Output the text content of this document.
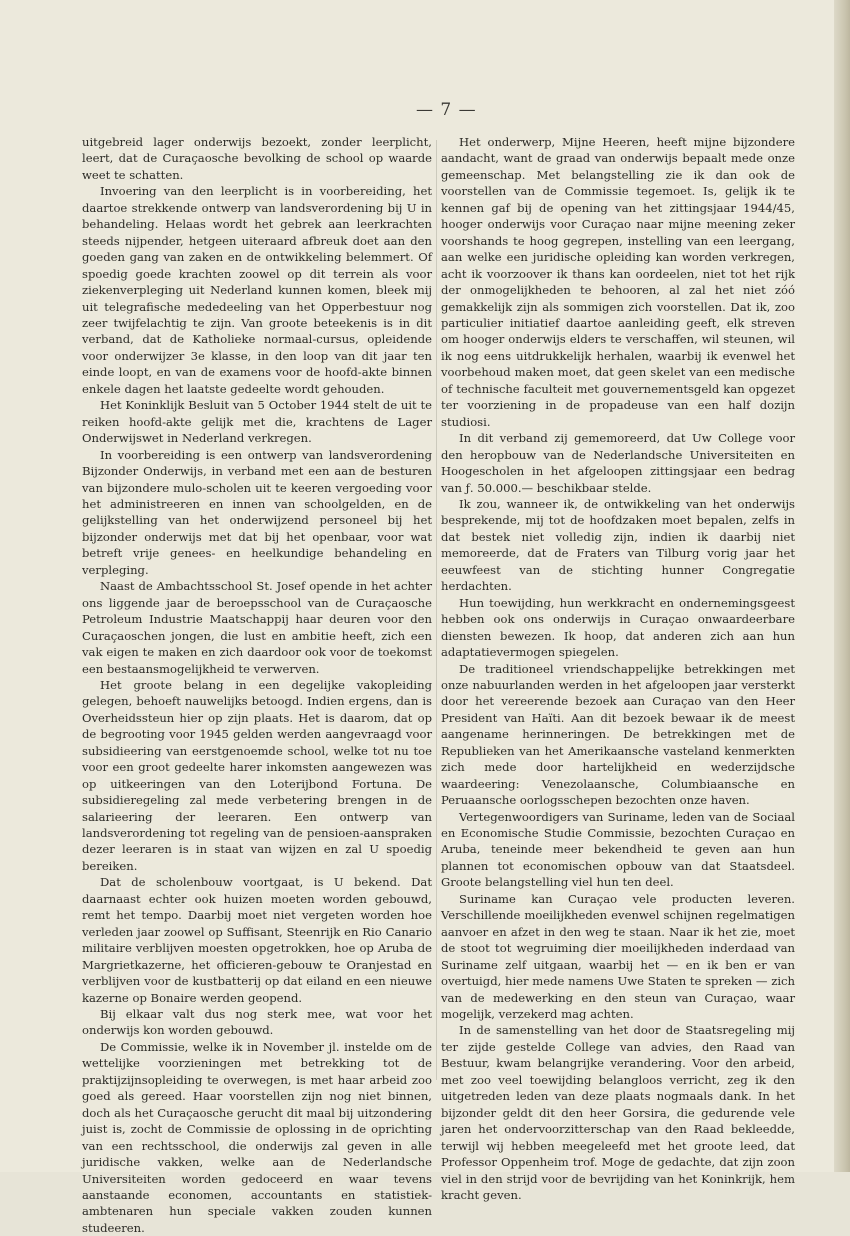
— 7 —

uitgebreid lager onderwijs bezoekt, zonder leerplicht, leert, dat de Curaçaosche bevolking de school op waarde weet te schatten.

Invoering van den leerplicht is in voorbereiding, het daartoe strekkende ontwerp van landsverordening bij U in behandeling. Helaas wordt het gebrek aan leerkrachten steeds nijpender, hetgeen uiteraard afbreuk doet aan den goeden gang van zaken en de ontwikkeling belemmert. Of spoedig goede krachten zoowel op dit terrein als voor ziekenverpleging uit Nederland kunnen komen, bleek mij uit telegrafische mededeeling van het Opperbestuur nog zeer twijfelachtig te zijn. Van groote beteekenis is in dit verband, dat de Katholieke normaal-cursus, opleidende voor onderwijzer 3e klasse, in den loop van dit jaar ten einde loopt, en van de examens voor de hoofd-akte binnen enkele dagen het laatste gedeelte wordt gehouden.

Het Koninklijk Besluit van 5 October 1944 stelt de uit te reiken hoofd-akte gelijk met die, krachtens de Lager Onderwijswet in Nederland verkregen.

In voorbereiding is een ontwerp van landsverordening Bijzonder Onderwijs, in verband met een aan de besturen van bijzondere mulo-scholen uit te keeren vergoeding voor het administreeren en innen van schoolgelden, en de gelijkstelling van het onderwijzend personeel bij het bijzonder onderwijs met dat bij het openbaar, voor wat betreft vrije genees- en heelkundige behandeling en verpleging.

Naast de Ambachtsschool St. Josef opende in het achter ons liggende jaar de beroepsschool van de Curaçaosche Petroleum Industrie Maatschappij haar deuren voor den Curaçaoschen jongen, die lust en ambitie heeft, zich een vak eigen te maken en zich daardoor ook voor de toekomst een bestaansmogelijkheid te verwerven.

Het groote belang in een degelijke vakopleiding gelegen, behoeft nauwelijks betoogd. Indien ergens, dan is Overheidssteun hier op zijn plaats. Het is daarom, dat op de begrooting voor 1945 gelden werden aangevraagd voor subsidieering van eerstgenoemde school, welke tot nu toe voor een groot gedeelte harer inkomsten aangewezen was op uitkeeringen van den Loterijbond Fortuna. De subsidieregeling zal mede verbetering brengen in de salarieering der leeraren. Een ontwerp van landsverordening tot regeling van de pensioen-aanspraken dezer leeraren is in staat van wijzen en zal U spoedig bereiken.

Dat de scholenbouw voortgaat, is U bekend. Dat daarnaast echter ook huizen moeten worden gebouwd, remt het tempo. Daarbij moet niet vergeten worden hoe verleden jaar zoowel op Suffisant, Steenrijk en Rio Canario militaire verblijven moesten opgetrokken, hoe op Aruba de Margrietkazerne, het officieren-gebouw te Oranjestad en verblijven voor de kustbatterij op dat eiland en een nieuwe kazerne op Bonaire werden geopend.

Bij elkaar valt dus nog sterk mee, wat voor het onderwijs kon worden gebouwd.

De Commissie, welke ik in November jl. instelde om de wettelijke voorzieningen met betrekking tot de praktijzijnsopleiding te overwegen, is met haar arbeid zoo goed als gereed. Haar voorstellen zijn nog niet binnen, doch als het Curaçaosche gerucht dit maal bij uitzondering juist is, zocht de Commissie de oplossing in de oprichting van een rechtsschool, die onderwijs zal geven in alle juridische vakken, welke aan de Nederlandsche Universiteiten worden gedoceerd en waar tevens aanstaande economen, accountants en statistiek-ambtenaren hun speciale vakken zouden kunnen studeeren.

Het onderwerp, Mijne Heeren, heeft mijne bijzondere aandacht, want de graad van onderwijs bepaalt mede onze gemeenschap. Met belangstelling zie ik dan ook de voorstellen van de Commissie tegemoet. Is, gelijk ik te kennen gaf bij de opening van het zittingsjaar 1944/45, hooger onderwijs voor Curaçao naar mijne meening zeker voorshands te hoog gegrepen, instelling van een leergang, aan welke een juridische opleiding kan worden verkregen, acht ik voorzoover ik thans kan oordeelen, niet tot het rijk der onmogelijkheden te behooren, al zal het niet zóó gemakkelijk zijn als sommigen zich voorstellen. Dat ik, zoo particulier initiatief daartoe aanleiding geeft, elk streven om hooger onderwijs elders te verschaffen, wil steunen, wil ik nog eens uitdrukkelijk herhalen, waarbij ik evenwel het voorbehoud maken moet, dat geen skelet van een medische of technische faculteit met gouvernementsgeld kan opgezet ter voorziening in de propadeuse van een half dozijn studiosi.

In dit verband zij gememoreerd, dat Uw College voor den heropbouw van de Nederlandsche Universiteiten en Hoogescholen in het afgeloopen zittingsjaar een bedrag van ƒ. 50.000.— beschikbaar stelde.

Ik zou, wanneer ik, de ontwikkeling van het onderwijs besprekende, mij tot de hoofdzaken moet bepalen, zelfs in dat bestek niet volledig zijn, indien ik daarbij niet memoreerde, dat de Fraters van Tilburg vorig jaar het eeuwfeest van de stichting hunner Congregatie herdachten.

Hun toewijding, hun werkkracht en ondernemingsgeest hebben ook ons onderwijs in Curaçao onwaardeerbare diensten bewezen. Ik hoop, dat anderen zich aan hun adaptatievermogen spiegelen.

De traditioneel vriendschappelijke betrekkingen met onze nabuurlanden werden in het afgeloopen jaar versterkt door het vereerende bezoek aan Curaçao van den Heer President van Haïti. Aan dit bezoek bewaar ik de meest aangename herinneringen. De betrekkingen met de Republieken van het Amerikaansche vasteland kenmerkten zich mede door hartelijkheid en wederzijdsche waardeering: Venezolaansche, Columbiaansche en Peruaansche oorlogsschepen bezochten onze haven.

Vertegenwoordigers van Suriname, leden van de Sociaal en Economische Studie Commissie, bezochten Curaçao en Aruba, teneinde meer bekendheid te geven aan hun plannen tot economischen opbouw van dat Staatsdeel. Groote belangstelling viel hun ten deel.

Suriname kan Curaçao vele producten leveren. Verschillende moeilijkheden evenwel schijnen regelmatigen aanvoer en afzet in den weg te staan. Naar ik het zie, moet de stoot tot wegruiming dier moeilijkheden inderdaad van Suriname zelf uitgaan, waarbij het — en ik ben er van overtuigd, hier mede namens Uwe Staten te spreken — zich van de medewerking en den steun van Curaçao, waar mogelijk, verzekerd mag achten.

In de samenstelling van het door de Staatsregeling mij ter zijde gestelde College van advies, den Raad van Bestuur, kwam belangrijke verandering. Voor den arbeid, met zoo veel toewijding belangloos verricht, zeg ik den uitgetreden leden van deze plaats nogmaals dank. In het bijzonder geldt dit den heer Gorsira, die gedurende vele jaren het ondervoorzitterschap van den Raad bekleedde, terwijl wij hebben meegeleefd met het groote leed, dat Professor Oppenheim trof. Moge de gedachte, dat zijn zoon viel in den strijd voor de bevrijding van het Koninkrijk, hem kracht geven.
